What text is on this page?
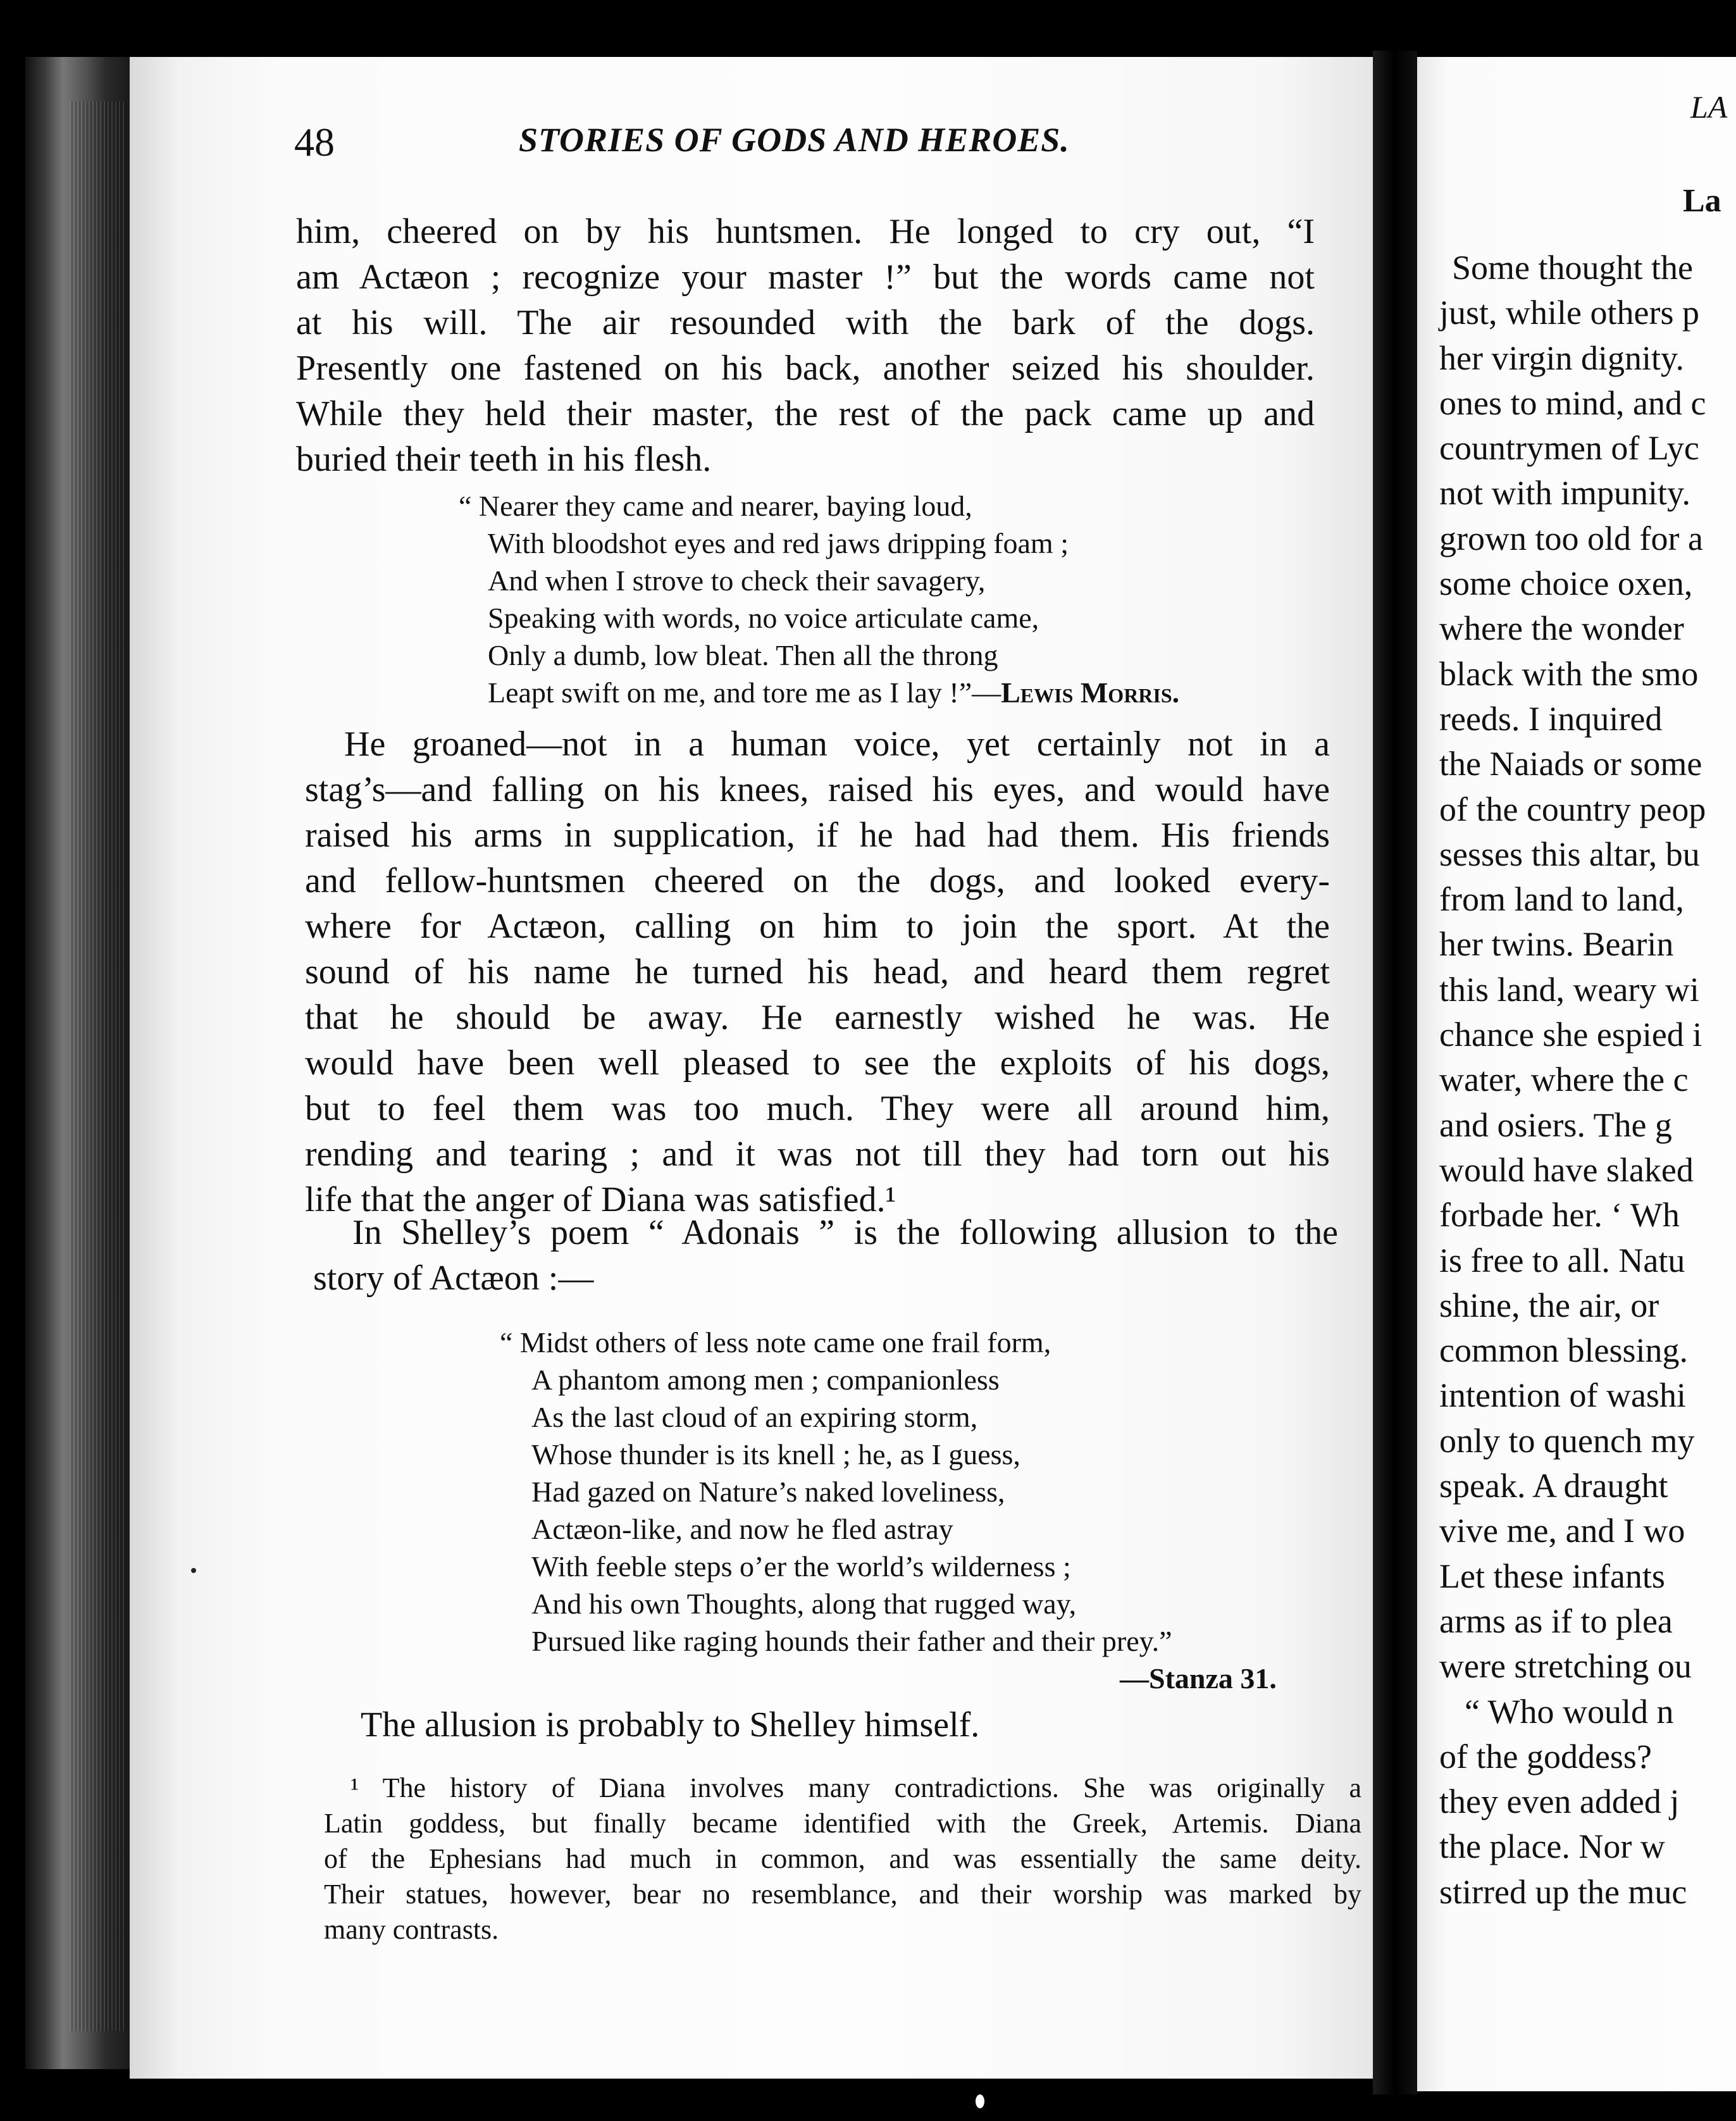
48	STORIES OF GODS AND HEROES.
him, cheered on by his huntsmen. He longed to cry out, “I
am Actæon ; recognize your master !” but the words came not
at his will. The air resounded with the bark of the dogs.
Presently one fastened on his back, another seized his shoulder.
While they held their master, the rest of the pack came up and
buried their teeth in his flesh.
“ Nearer they came and nearer, baying loud,
With bloodshot eyes and red jaws dripping foam ;
And when I strove to check their savagery,
Speaking with words, no voice articulate came,
Only a dumb, low bleat. Then all the throng
Leapt swift on me, and tore me as I lay !”—Lewis Morris.
He groaned—not in a human voice, yet certainly not in a
stag’s—and falling on his knees, raised his eyes, and would have
raised his arms in supplication, if he had had them. His friends
and fellow-huntsmen cheered on the dogs, and looked every-
where for Actæon, calling on him to join the sport. At the
sound of his name he turned his head, and heard them regret
that he should be away. He earnestly wished he was. He
would have been well pleased to see the exploits of his dogs,
but to feel them was too much. They were all around him,
rending and tearing ; and it was not till they had torn out his
life that the anger of Diana was satisfied.¹
In Shelley’s poem “ Adonais ” is the following allusion to the
story of Actæon :—
“ Midst others of less note came one frail form,
A phantom among men ; companionless
As the last cloud of an expiring storm,
Whose thunder is its knell ; he, as I guess,
Had gazed on Nature’s naked loveliness,
Actæon-like, and now he fled astray
With feeble steps o’er the world’s wilderness ;
And his own Thoughts, along that rugged way,
Pursued like raging hounds their father and their prey.”
—Stanza 31.
The allusion is probably to Shelley himself.
¹ The history of Diana involves many contradictions. She was originally a
Latin goddess, but finally became identified with the Greek, Artemis. Diana
of the Ephesians had much in common, and was essentially the same deity.
Their statues, however, bear no resemblance, and their worship was marked by
many contrasts.
LA
La
Some thought the
just, while others p
her virgin dignity.
ones to mind, and c
countrymen of Lyc
not with impunity.
grown too old for a
some choice oxen,
where the wonder
black with the smo
reeds. I inquired
the Naiads or some
of the country peop
sesses this altar, bu
from land to land,
her twins. Bearin
this land, weary wi
chance she espied i
water, where the c
and osiers. The g
would have slaked
forbade her. ‘ Wh
is free to all. Natu
shine, the air, or
common blessing.
intention of washi
only to quench my
speak. A draught
vive me, and I wo
Let these infants
arms as if to plea
were stretching ou
“ Who would n
of the goddess?
they even added j
the place. Nor w
stirred up the muc
